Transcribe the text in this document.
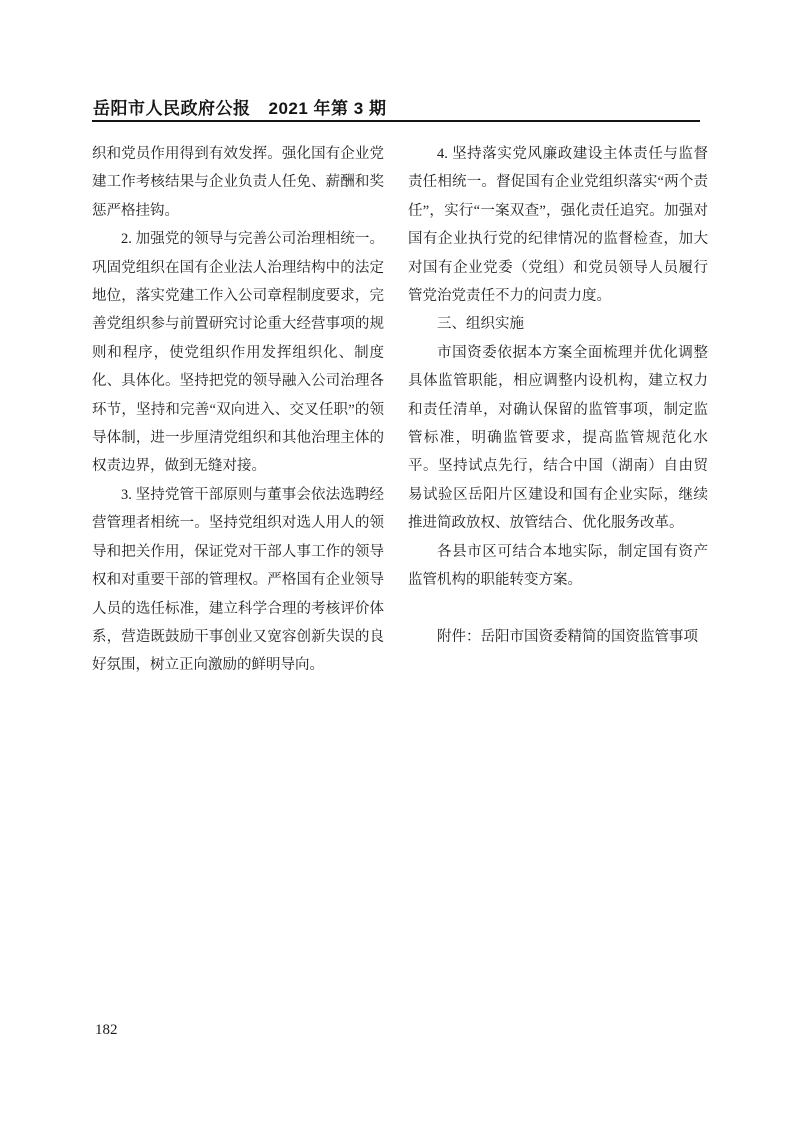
岳阳市人民政府公报 2021 年第 3 期

织和党员作用得到有效发挥。强化国有企业党建工作考核结果与企业负责人任免、薪酬和奖惩严格挂钩。

2. 加强党的领导与完善公司治理相统一。巩固党组织在国有企业法人治理结构中的法定地位，落实党建工作入公司章程制度要求，完善党组织参与前置研究讨论重大经营事项的规则和程序，使党组织作用发挥组织化、制度化、具体化。坚持把党的领导融入公司治理各环节，坚持和完善“双向进入、交叉任职”的领导体制，进一步厘清党组织和其他治理主体的权责边界，做到无缝对接。

3. 坚持党管干部原则与董事会依法选聘经营管理者相统一。坚持党组织对选人用人的领导和把关作用，保证党对干部人事工作的领导权和对重要干部的管理权。严格国有企业领导人员的选任标准，建立科学合理的考核评价体系，营造既鼓励干事创业又宽容创新失误的良好氛围，树立正向激励的鲜明导向。

4. 坚持落实党风廉政建设主体责任与监督责任相统一。督促国有企业党组织落实“两个责任”，实行“一案双查”，强化责任追究。加强对国有企业执行党的纪律情况的监督检查，加大对国有企业党委（党组）和党员领导人员履行管党治党责任不力的问责力度。

三、组织实施

市国资委依据本方案全面梳理并优化调整具体监管职能，相应调整内设机构，建立权力和责任清单，对确认保留的监管事项，制定监管标准，明确监管要求，提高监管规范化水平。坚持试点先行，结合中国（湖南）自由贸易试验区岳阳片区建设和国有企业实际，继续推进简政放权、放管结合、优化服务改革。

各县市区可结合本地实际，制定国有资产监管机构的职能转变方案。

附件：岳阳市国资委精简的国资监管事项

182
